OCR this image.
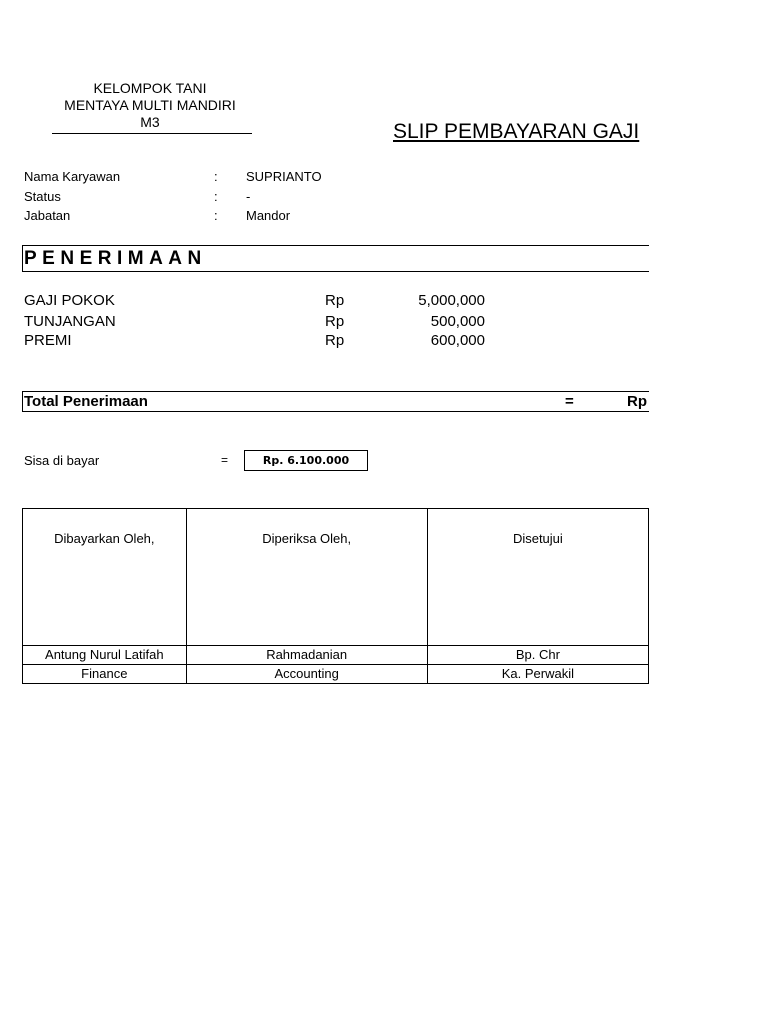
KELOMPOK TANI
MENTAYA MULTI MANDIRI
M3	SLIP PEMBAYARAN GAJI
Nama Karyawan	: SUPRIANTO
Status	: -
Jabatan	: Mandor
PENERIMAAN
GAJI POKOK	Rp	5,000,000
TUNJANGAN	Rp	500,000
PREMI	Rp	600,000
Total Penerimaan	=	Rp
Sisa di bayar	=	Rp. 6.100.000
Dibayarkan Oleh,	Diperiksa Oleh,	Disetujui

Antung Nurul Latifah	Rahmadanian	Bp. Chr
Finance	Accounting	Ka. Perwakil
